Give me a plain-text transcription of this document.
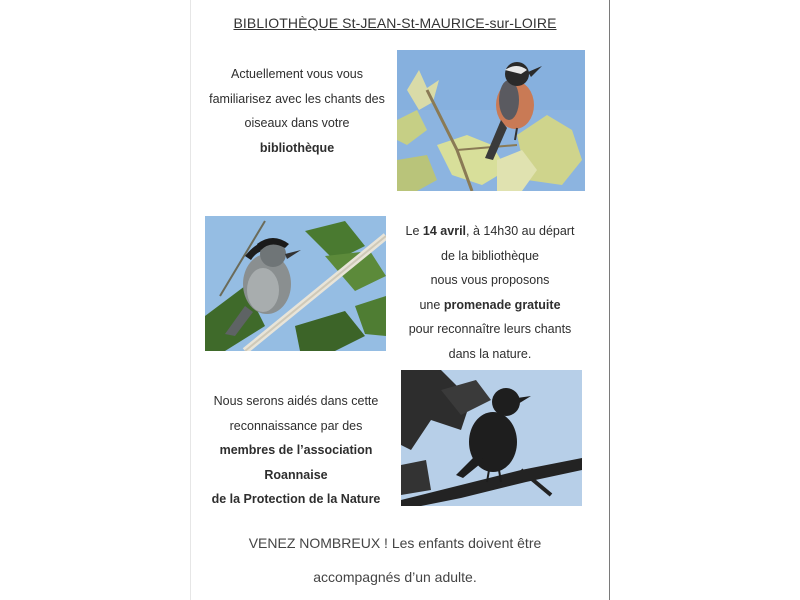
BIBLIOTHÈQUE St-JEAN-St-MAURICE-sur-LOIRE
Actuellement vous vous
familiarisez avec les chants des
oiseaux dans votre
bibliothèque
Le 14 avril, à 14h30 au départ
de la bibliothèque
nous vous proposons
une promenade gratuite
pour reconnaître leurs chants
dans la nature.
Nous serons aidés dans cette
reconnaissance par des
membres de l’association
Roannaise
de la Protection de la Nature
VENEZ NOMBREUX ! Les enfants doivent être
accompagnés d’un adulte.
